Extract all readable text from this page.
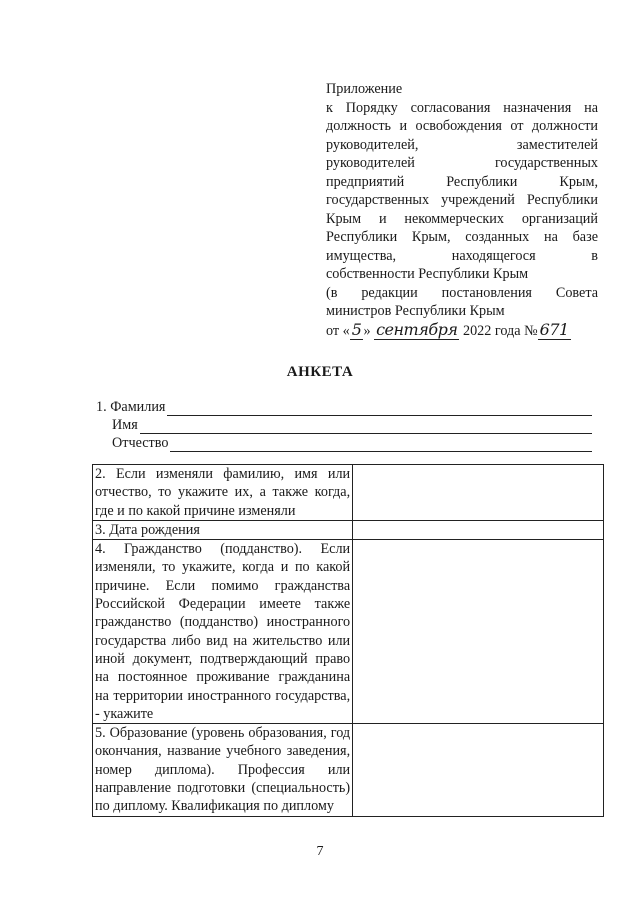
Приложение
к Порядку согласования назначения на
должность и освобождения от должности
руководителей, заместителей
руководителей государственных
предприятий Республики Крым,
государственных учреждений Республики
Крым и некоммерческих организаций
Республики Крым, созданных на базе
имущества, находящегося в
собственности Республики Крым
(в редакции постановления Совета
министров Республики Крым
от « 5 » сентября 2022 года № 671
АНКЕТА
1. Фамилия
Имя
Отчество
2. Если изменяли фамилию, имя или отчество, то укажите их, а также когда, где и по какой причине изменяли	
3. Дата рождения	
4. Гражданство (подданство). Если изменяли, то укажите, когда и по какой причине. Если помимо гражданства Российской Федерации имеете также гражданство (подданство) иностранного государства либо вид на жительство или иной документ, подтверждающий право на постоянное проживание гражданина на территории иностранного государства, - укажите	
5. Образование (уровень образования, год окончания, название учебного заведения, номер диплома). Профессия или направление подготовки (специальность) по диплому. Квалификация по диплому	
7
